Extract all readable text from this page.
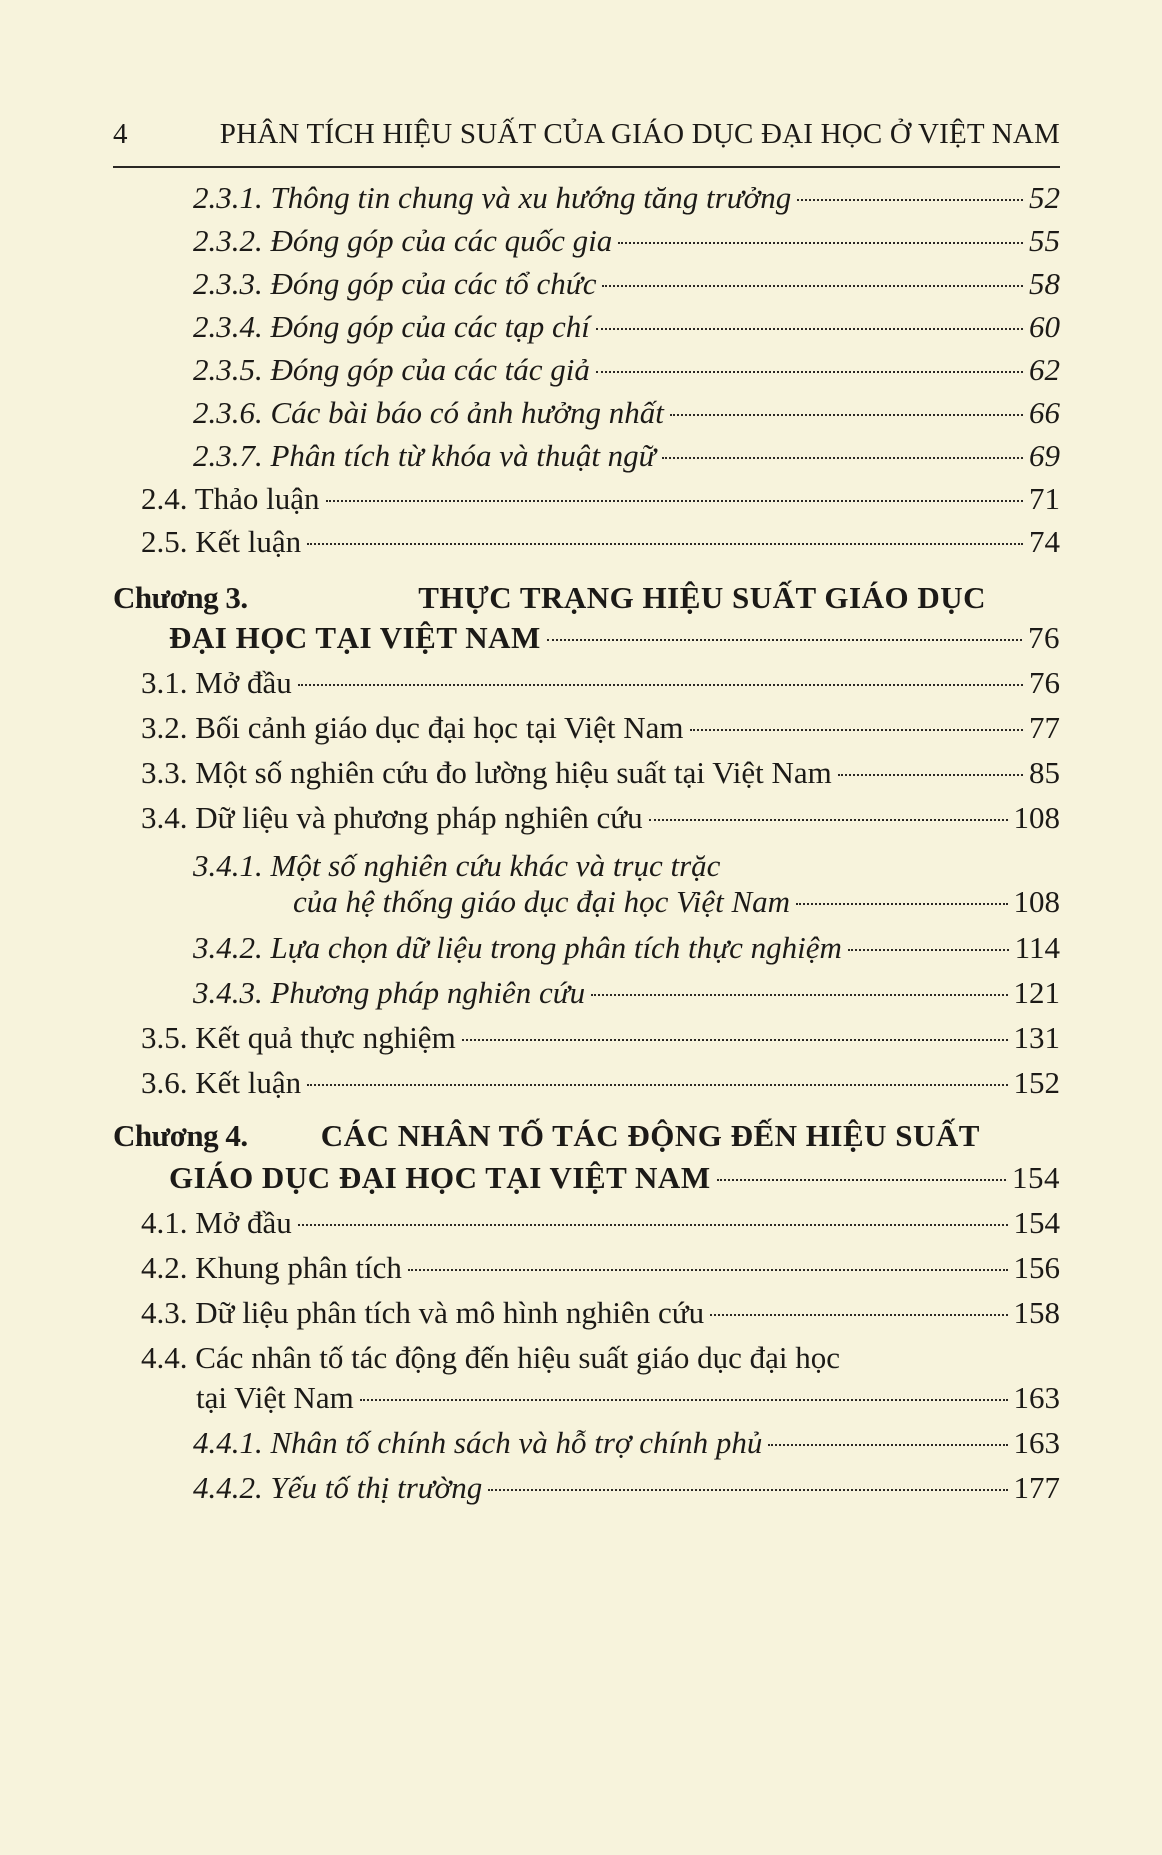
4	PHÂN TÍCH HIỆU SUẤT CỦA GIÁO DỤC ĐẠI HỌC Ở VIỆT NAM
2.3.1. Thông tin chung và xu hướng tăng trưởng	52
2.3.2. Đóng góp của các quốc gia	55
2.3.3. Đóng góp của các tổ chức	58
2.3.4. Đóng góp của các tạp chí	60
2.3.5. Đóng góp của các tác giả	62
2.3.6. Các bài báo có ảnh hưởng nhất	66
2.3.7. Phân tích từ khóa và thuật ngữ	69
2.4. Thảo luận	71
2.5. Kết luận	74
Chương 3.	THỰC TRẠNG HIỆU SUẤT GIÁO DỤC
ĐẠI HỌC TẠI VIỆT NAM	76
3.1. Mở đầu	76
3.2. Bối cảnh giáo dục đại học tại Việt Nam	77
3.3. Một số nghiên cứu đo lường hiệu suất tại Việt Nam	85
3.4. Dữ liệu và phương pháp nghiên cứu	108
3.4.1. Một số nghiên cứu khác và trục trặc
của hệ thống giáo dục đại học Việt Nam	108
3.4.2. Lựa chọn dữ liệu trong phân tích thực nghiệm	114
3.4.3. Phương pháp nghiên cứu	121
3.5. Kết quả thực nghiệm	131
3.6. Kết luận	152
Chương 4. CÁC NHÂN TỐ TÁC ĐỘNG ĐẾN HIỆU SUẤT
GIÁO DỤC ĐẠI HỌC TẠI VIỆT NAM	154
4.1. Mở đầu	154
4.2. Khung phân tích	156
4.3. Dữ liệu phân tích và mô hình nghiên cứu	158
4.4. Các nhân tố tác động đến hiệu suất giáo dục đại học
tại Việt Nam	163
4.4.1. Nhân tố chính sách và hỗ trợ chính phủ	163
4.4.2. Yếu tố thị trường	177
